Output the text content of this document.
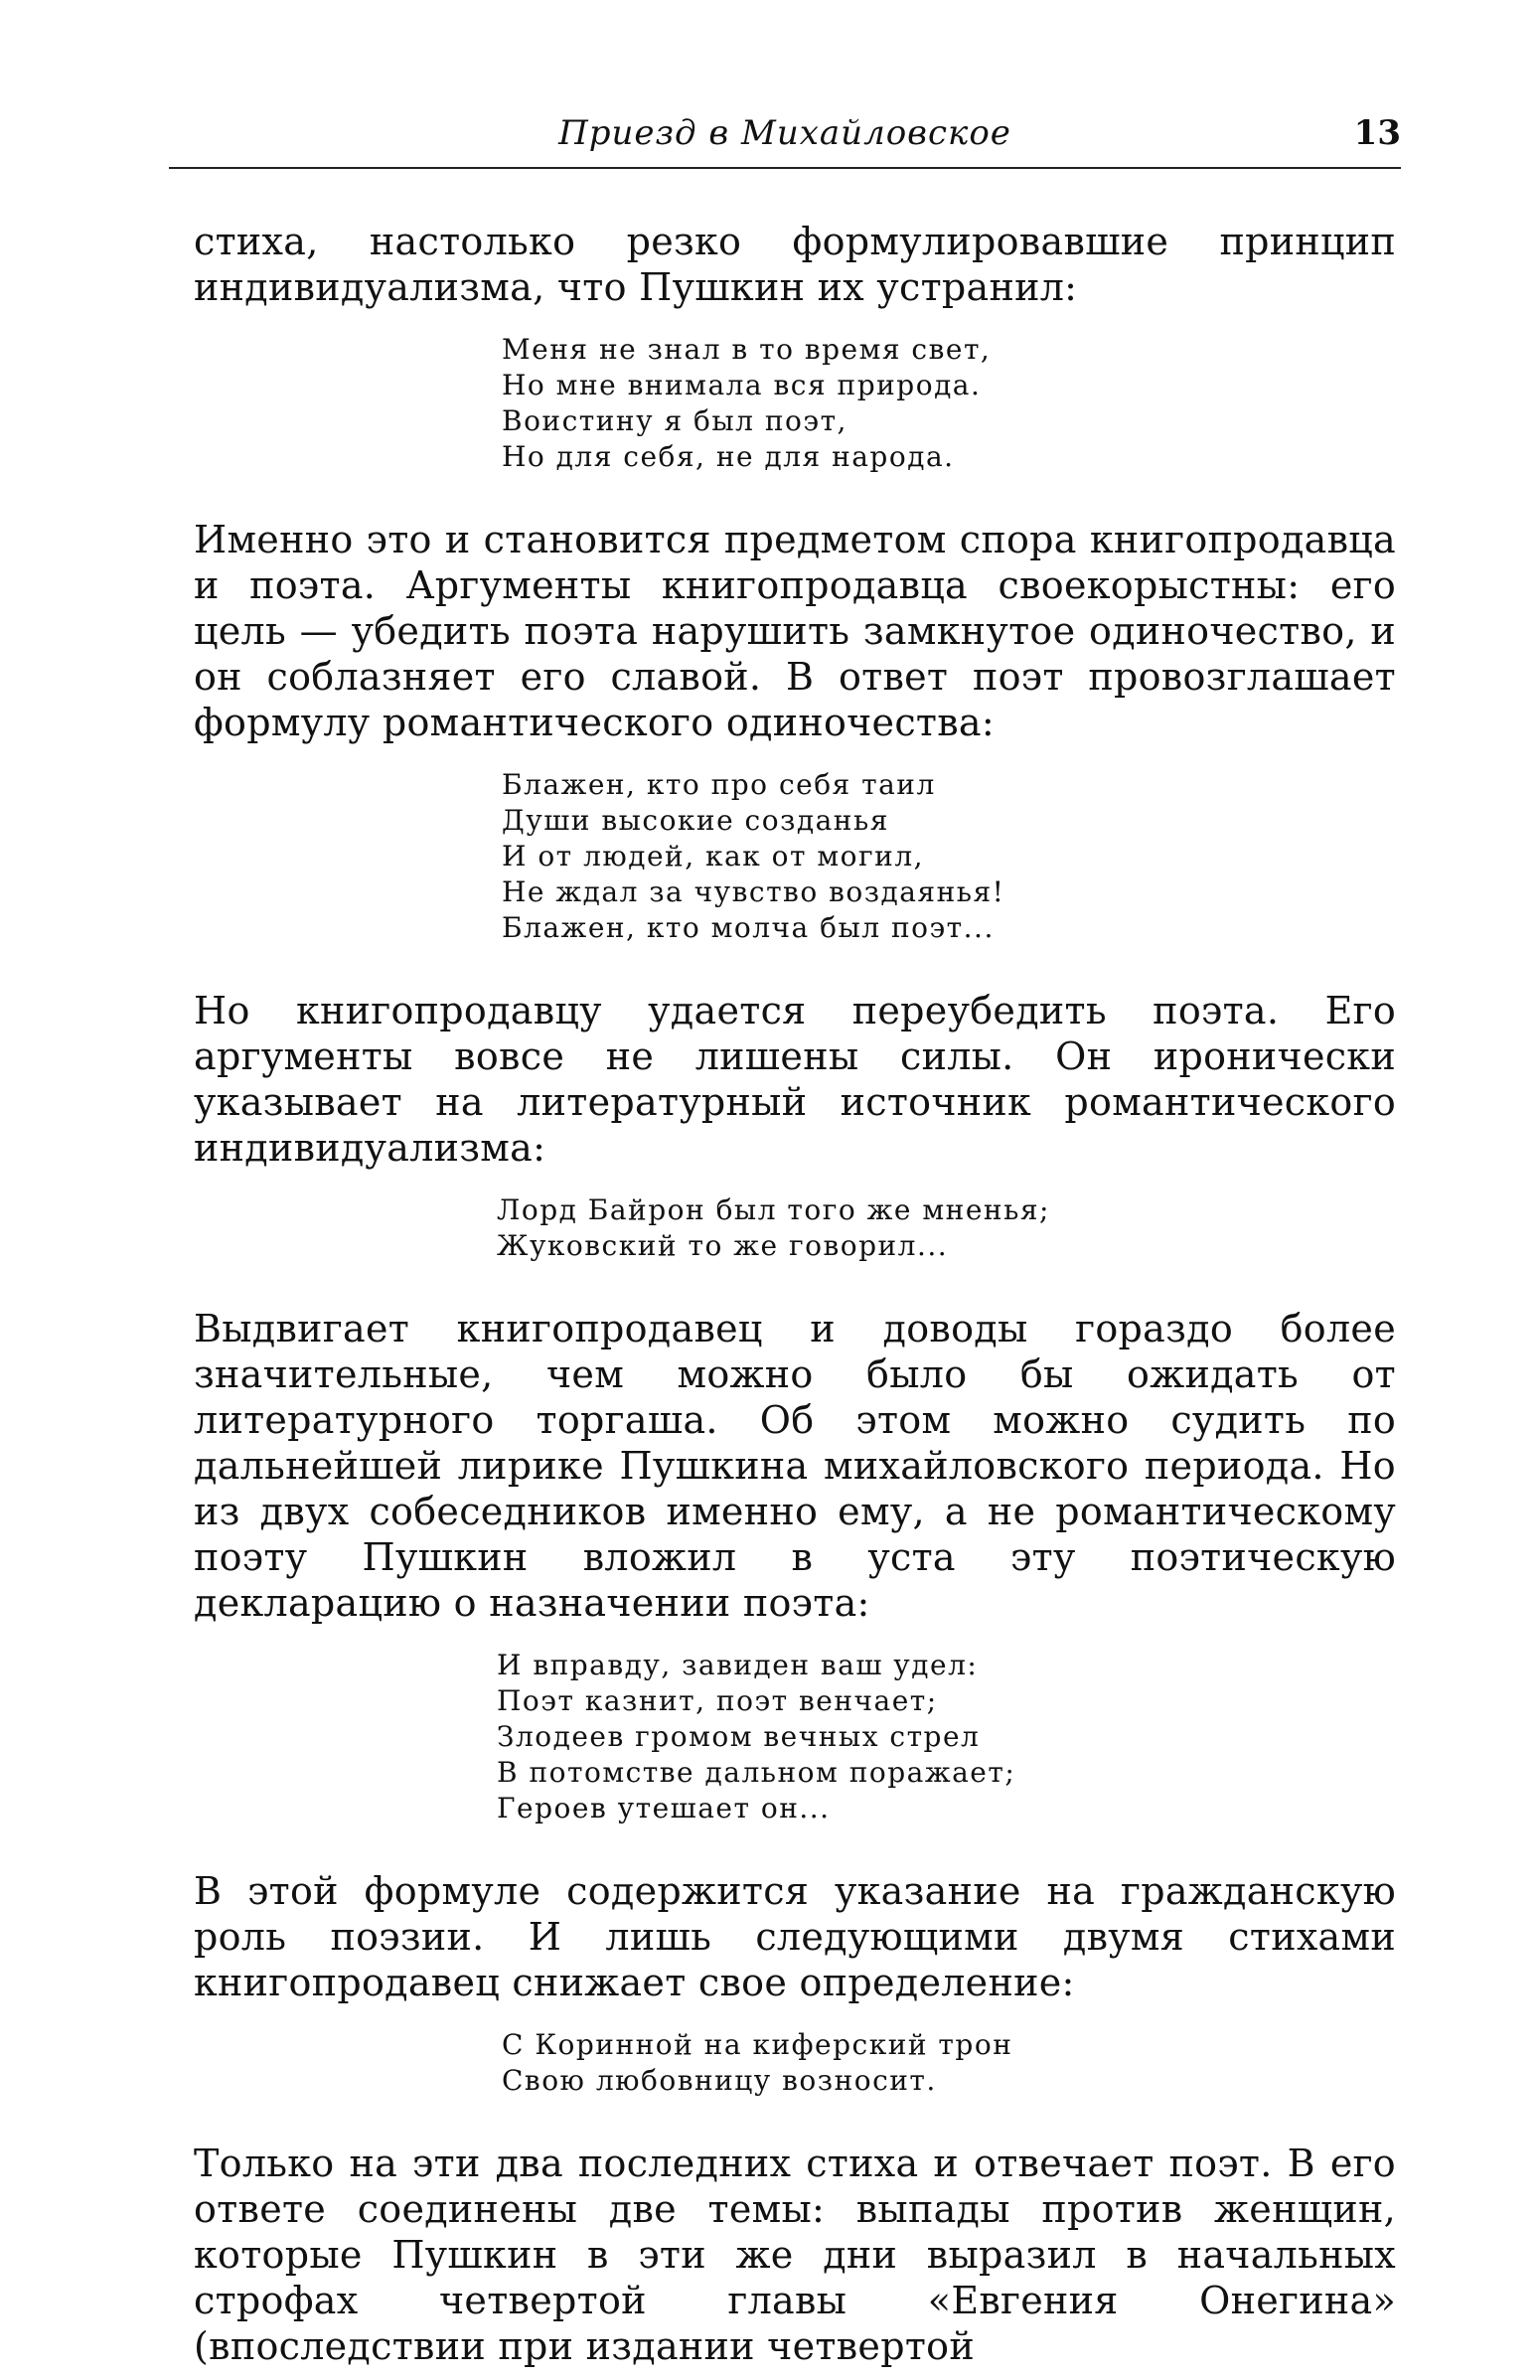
Приезд в Михайловское	13

стиха, настолько резко формулировавшие принцип индивидуализма, что Пушкин их устранил:

Меня не знал в то время свет,
Но мне внимала вся природа.
Воистину я был поэт,
Но для себя, не для народа.

Именно это и становится предметом спора книгопродавца и поэта. Аргументы книгопродавца своекорыстны: его цель — убедить поэта нарушить замкнутое одиночество, и он соблазняет его славой. В ответ поэт провозглашает формулу романтического одиночества:

Блажен, кто про себя таил
Души высокие созданья
И от людей, как от могил,
Не ждал за чувство воздаянья!
Блажен, кто молча был поэт...

Но книгопродавцу удается переубедить поэта. Его аргументы вовсе не лишены силы. Он иронически указывает на литературный источник романтического индивидуализма:

Лорд Байрон был того же мненья;
Жуковский то же говорил...

Выдвигает книгопродавец и доводы гораздо более значительные, чем можно было бы ожидать от литературного торгаша. Об этом можно судить по дальнейшей лирике Пушкина михайловского периода. Но из двух собеседников именно ему, а не романтическому поэту Пушкин вложил в уста эту поэтическую декларацию о назначении поэта:

И вправду, завиден ваш удел:
Поэт казнит, поэт венчает;
Злодеев громом вечных стрел
В потомстве дальном поражает;
Героев утешает он...

В этой формуле содержится указание на гражданскую роль поэзии. И лишь следующими двумя стихами книгопродавец снижает свое определение:

С Коринной на киферский трон
Свою любовницу возносит.

Только на эти два последних стиха и отвечает поэт. В его ответе соединены две темы: выпады против женщин, которые Пушкин в эти же дни выразил в начальных строфах четвертой главы «Евгения Онегина» (впоследствии при издании четвертой
